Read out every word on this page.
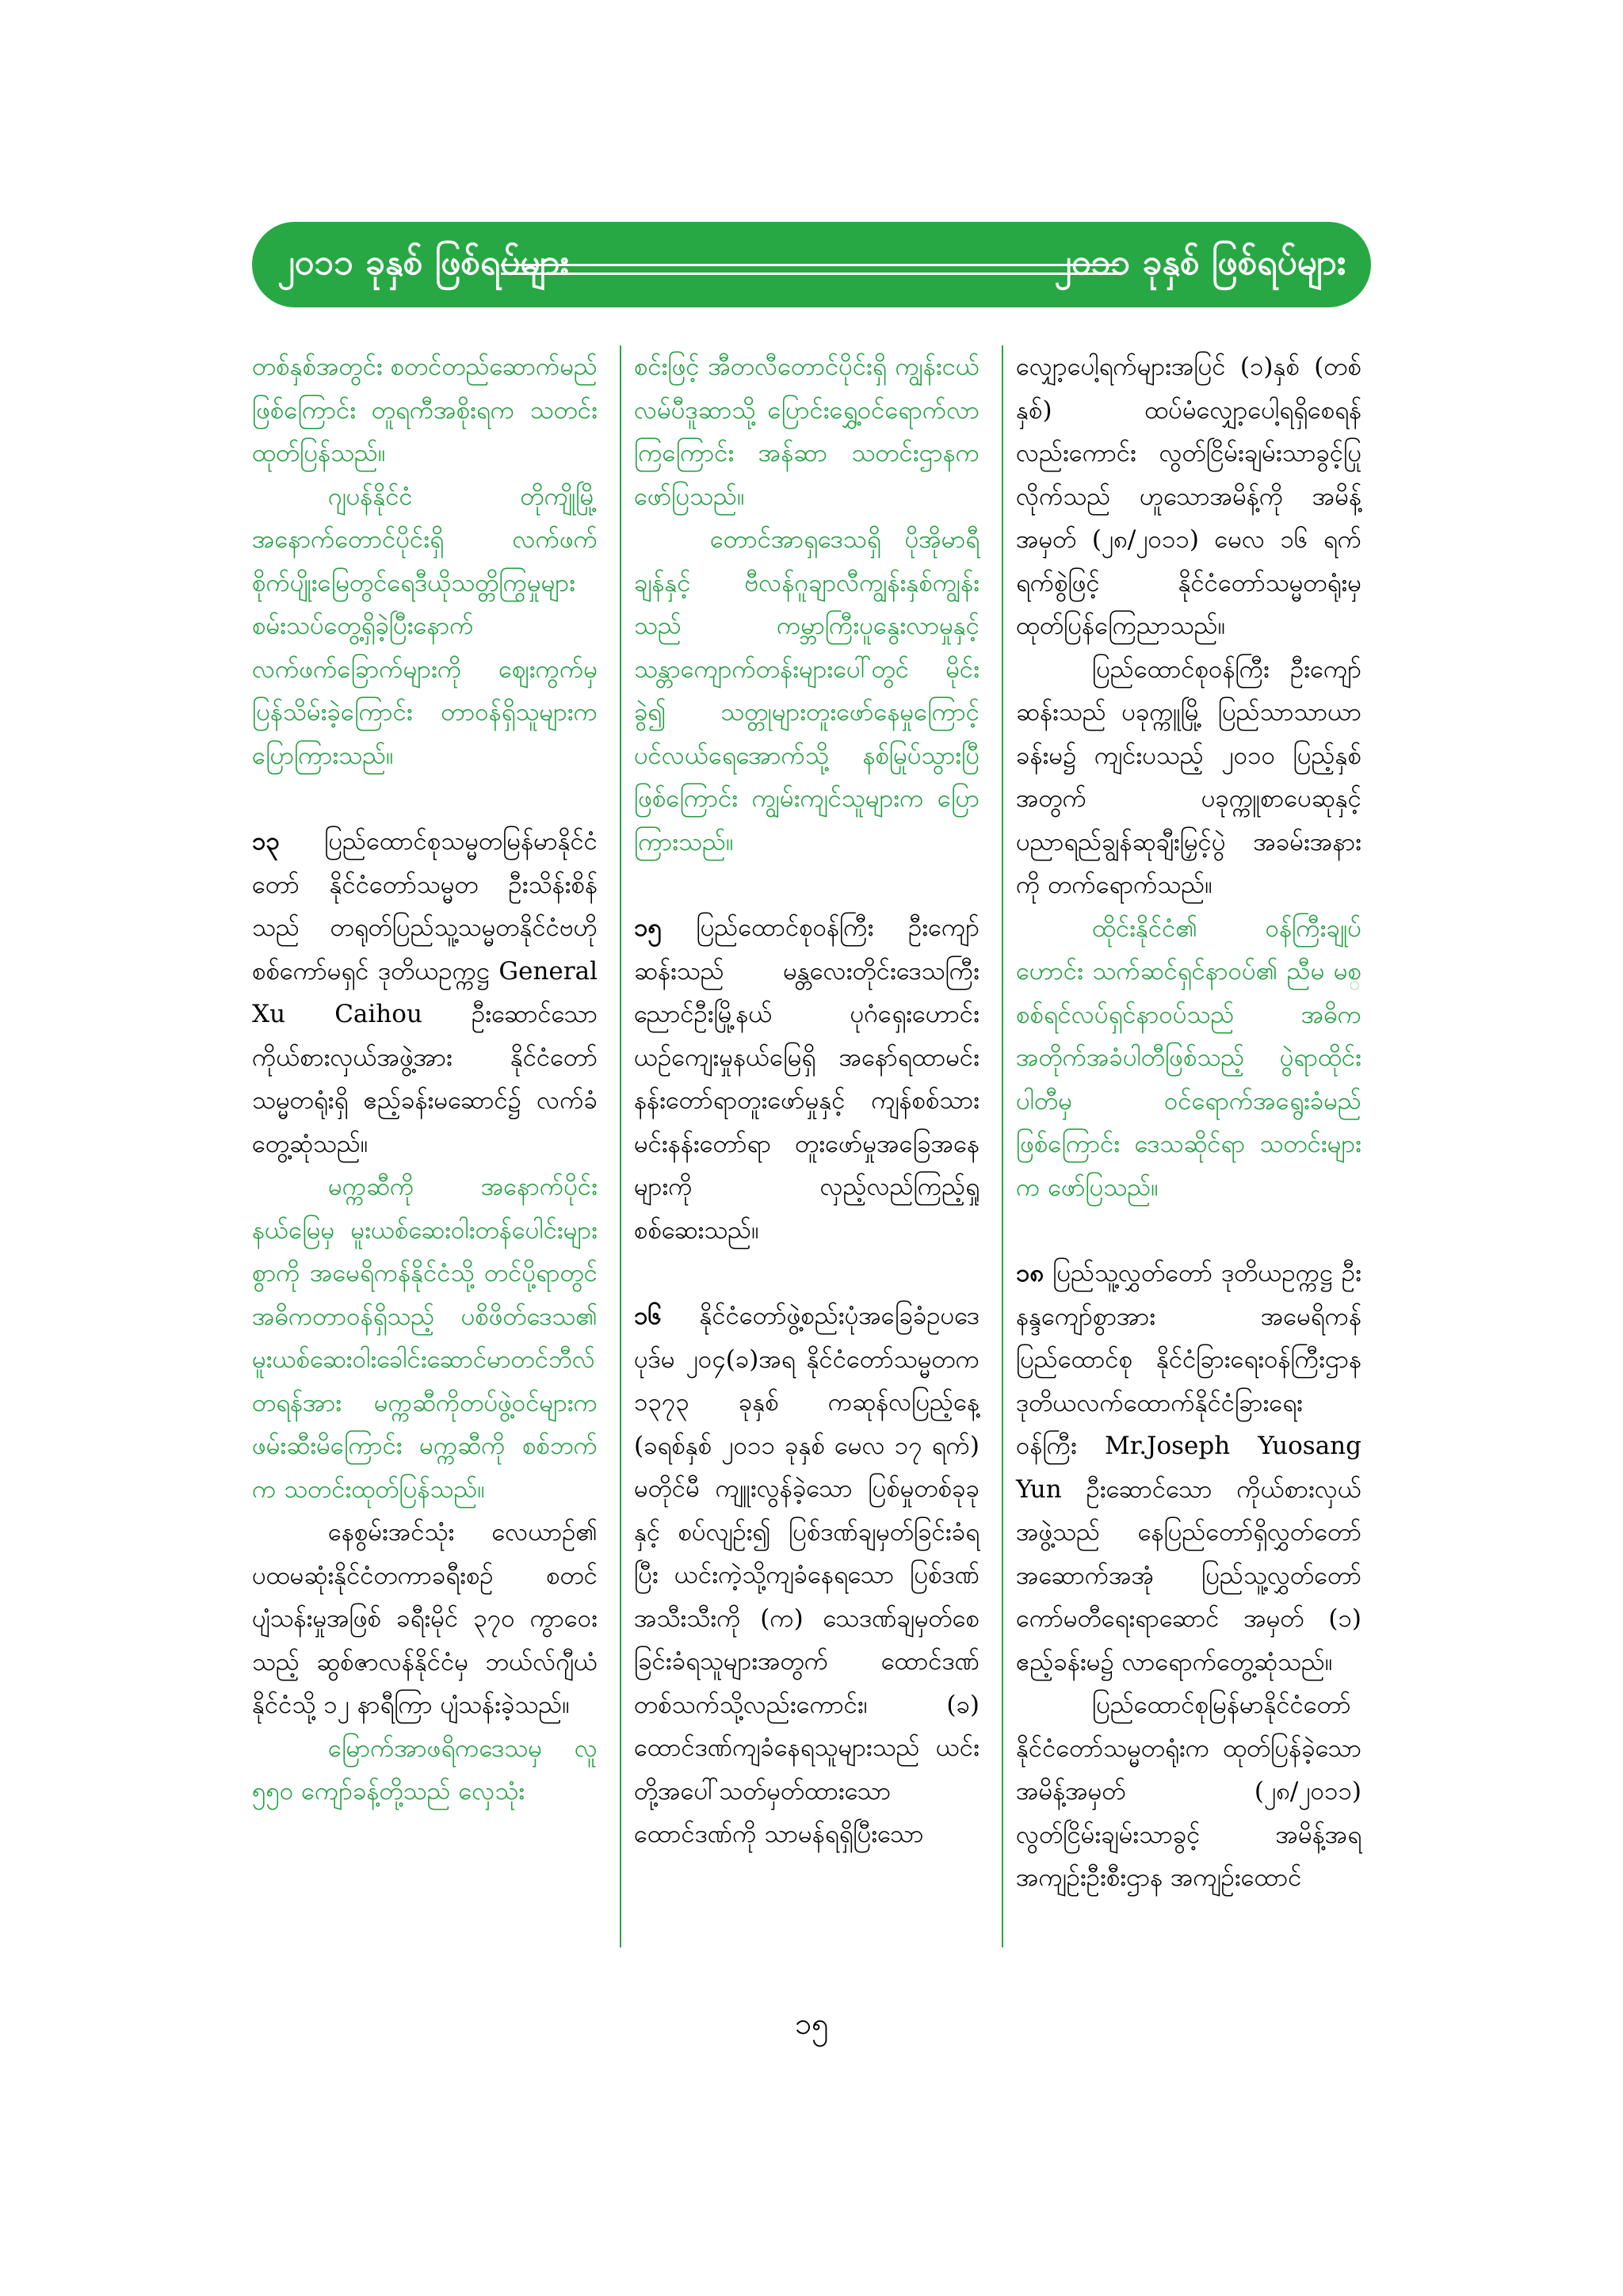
၂၀၁၁ ခုနှစ် ဖြစ်ရပ်များ	၂၀၁၁ ခုနှစ် ဖြစ်ရပ်များ

တစ်နှစ်အတွင်း စတင်တည်ဆောက်မည်ဖြစ်ကြောင်း တူရကီအစိုးရက သတင်းထုတ်ပြန်သည်။

ဂျပန်နိုင်ငံ တိုကျိုမြို့ အနောက်တောင်ပိုင်းရှိ လက်ဖက်စိုက်ပျိုးမြေတွင်ရေဒီယိုသတ္တိကြွမှုများ စမ်းသပ်တွေ့ရှိခဲ့ပြီးနောက် လက်ဖက်ခြောက်များကို ဈေးကွက်မှ ပြန်သိမ်းခဲ့ကြောင်း တာဝန်ရှိသူများက ပြောကြားသည်။

၁၃ ပြည်ထောင်စုသမ္မတမြန်မာနိုင်ငံတော် နိုင်ငံတော်သမ္မတ ဦးသိန်းစိန်သည် တရုတ်ပြည်သူ့သမ္မတနိုင်ငံဗဟိုစစ်ကော်မရှင် ဒုတိယဥက္ကဋ္ဌ General Xu Caihou ဦးဆောင်သောကိုယ်စားလှယ်အဖွဲ့အား နိုင်ငံတော်သမ္မတရုံးရှိ ဧည့်ခန်းမဆောင်၌ လက်ခံတွေ့ဆုံသည်။

မက္ကဆီကို အနောက်ပိုင်းနယ်မြေမှ မူးယစ်ဆေးဝါးတန်ပေါင်းများစွာကို အမေရိကန်နိုင်ငံသို့ တင်ပို့ရာတွင် အဓိကတာဝန်ရှိသည့် ပစိဖိတ်ဒေသ၏ မူးယစ်ဆေးဝါးခေါင်းဆောင်မာတင်ဘီလ်တရန်အား မက္ကဆီကိုတပ်ဖွဲ့ဝင်များက ဖမ်းဆီးမိကြောင်း မက္ကဆီကို စစ်ဘက်က သတင်းထုတ်ပြန်သည်။

နေစွမ်းအင်သုံး လေယာဉ်၏ ပထမဆုံးနိုင်ငံတကာခရီးစဉ် စတင်ပျံသန်းမှုအဖြစ် ခရီးမိုင် ၃၇၀ ကွာဝေးသည့် ဆွစ်ဇာလန်နိုင်ငံမှ ဘယ်လ်ဂျီယံ နိုင်ငံသို့ ၁၂ နာရီကြာ ပျံသန်းခဲ့သည်။

မြောက်အာဖရိကဒေသမှ လူ ၅၅၀ ကျော်ခန့်တို့သည် လှေသုံး

စင်းဖြင့် အီတလီတောင်ပိုင်းရှိ ကျွန်းငယ်လမ်ပီဒူဆာသို့ ပြောင်းရွှေ့ဝင်ရောက်လာကြကြောင်း အန်ဆာ သတင်းဌာနက ဖော်ပြသည်။

တောင်အာရှဒေသရှိ ပိုအိုမာရီချန်နှင့် ဗီလန်ဂူချာလီကျွန်းနှစ်ကျွန်းသည် ကမ္ဘာကြီးပူနွေးလာမှုနှင့် သန္တာကျောက်တန်းများပေါ်တွင် မိုင်းခွဲ၍ သတ္တုများတူးဖော်နေမှုကြောင့် ပင်လယ်ရေအောက်သို့ နစ်မြုပ်သွားပြီ ဖြစ်ကြောင်း ကျွမ်းကျင်သူများက ပြောကြားသည်။

၁၅ ပြည်ထောင်စုဝန်ကြီး ဦးကျော်ဆန်းသည် မန္တလေးတိုင်းဒေသကြီး ညောင်ဦးမြို့နယ် ပုဂံရှေးဟောင်းယဉ်ကျေးမှုနယ်မြေရှိ အနော်ရထာမင်း နန်းတော်ရာတူးဖော်မှုနှင့် ကျန်စစ်သားမင်းနန်းတော်ရာ တူးဖော်မှုအခြေအနေများကို လှည့်လည်ကြည့်ရှုစစ်ဆေးသည်။

၁၆ နိုင်ငံတော်ဖွဲ့စည်းပုံအခြေခံဥပဒေပုဒ်မ ၂၀၄(ခ)အရ နိုင်ငံတော်သမ္မတက ၁၃၇၃ ခုနှစ် ကဆုန်လပြည့်နေ့ (ခရစ်နှစ် ၂၀၁၁ ခုနှစ် မေလ ၁၇ ရက်) မတိုင်မီ ကျူးလွန်ခဲ့သော ပြစ်မှုတစ်ခုခုနှင့် စပ်လျဉ်း၍ ပြစ်ဒဏ်ချမှတ်ခြင်းခံရပြီး ယင်းကဲ့သို့ကျခံနေရသော ပြစ်ဒဏ်အသီးသီးကို (က) သေဒဏ်ချမှတ်စေခြင်းခံရသူများအတွက် ထောင်ဒဏ်တစ်သက်သို့လည်းကောင်း၊ (ခ) ထောင်ဒဏ်ကျခံနေရသူများသည် ယင်းတို့အပေါ်သတ်မှတ်ထားသော ထောင်ဒဏ်ကို သာမန်ရရှိပြီးသော

လျှော့ပေါ့ရက်များအပြင် (၁)နှစ် (တစ်နှစ်) ထပ်မံလျှော့ပေါ့ရရှိစေရန်လည်းကောင်း လွတ်ငြိမ်းချမ်းသာခွင့်ပြုလိုက်သည် ဟူသောအမိန့်ကို အမိန့်အမှတ် (၂၈/၂၀၁၁) မေလ ၁၆ ရက် ရက်စွဲဖြင့် နိုင်ငံတော်သမ္မတရုံးမှ ထုတ်ပြန်ကြေညာသည်။

ပြည်ထောင်စုဝန်ကြီး ဦးကျော်ဆန်းသည် ပခုက္ကူမြို့ ပြည်သာသာယာခန်းမ၌ ကျင်းပသည့် ၂၀၁၀ ပြည့်နှစ်အတွက် ပခုက္ကူစာပေဆုနှင့် ပညာရည်ချွန်ဆုချီးမြှင့်ပွဲ အခမ်းအနားကို တက်ရောက်သည်။

ထိုင်းနိုင်ငံ၏ ဝန်ကြီးချုပ်ဟောင်း သက်ဆင်ရှင်နာဝပ်၏ ညီမ မစ္စစ်ရင်လပ်ရှင်နာဝပ်သည် အဓိကအတိုက်အခံပါတီဖြစ်သည့် ပွဲရာထိုင်းပါတီမှ ဝင်ရောက်အရွေးခံမည် ဖြစ်ကြောင်း ဒေသဆိုင်ရာ သတင်းများက ဖော်ပြသည်။

၁၈ ပြည်သူ့လွှတ်တော် ဒုတိယဥက္ကဋ္ဌ ဦးနန္ဒကျော်စွာအား အမေရိကန်ပြည်ထောင်စု နိုင်ငံခြားရေးဝန်ကြီးဌာန ဒုတိယလက်ထောက်နိုင်ငံခြားရေးဝန်ကြီး Mr.Joseph Yuosang Yun ဦးဆောင်သော ကိုယ်စားလှယ်အဖွဲ့သည် နေပြည်တော်ရှိလွှတ်တော်အဆောက်အအုံ ပြည်သူ့လွှတ်တော်ကော်မတီရေးရာဆောင် အမှတ် (၁) ဧည့်ခန်းမ၌ လာရောက်တွေ့ဆုံသည်။

ပြည်ထောင်စုမြန်မာနိုင်ငံတော် နိုင်ငံတော်သမ္မတရုံးက ထုတ်ပြန်ခဲ့သောအမိန့်အမှတ် (၂၈/၂၀၁၁) လွတ်ငြိမ်းချမ်းသာခွင့် အမိန့်အရ အကျဉ်းဦးစီးဌာန အကျဉ်းထောင်

၁၅
